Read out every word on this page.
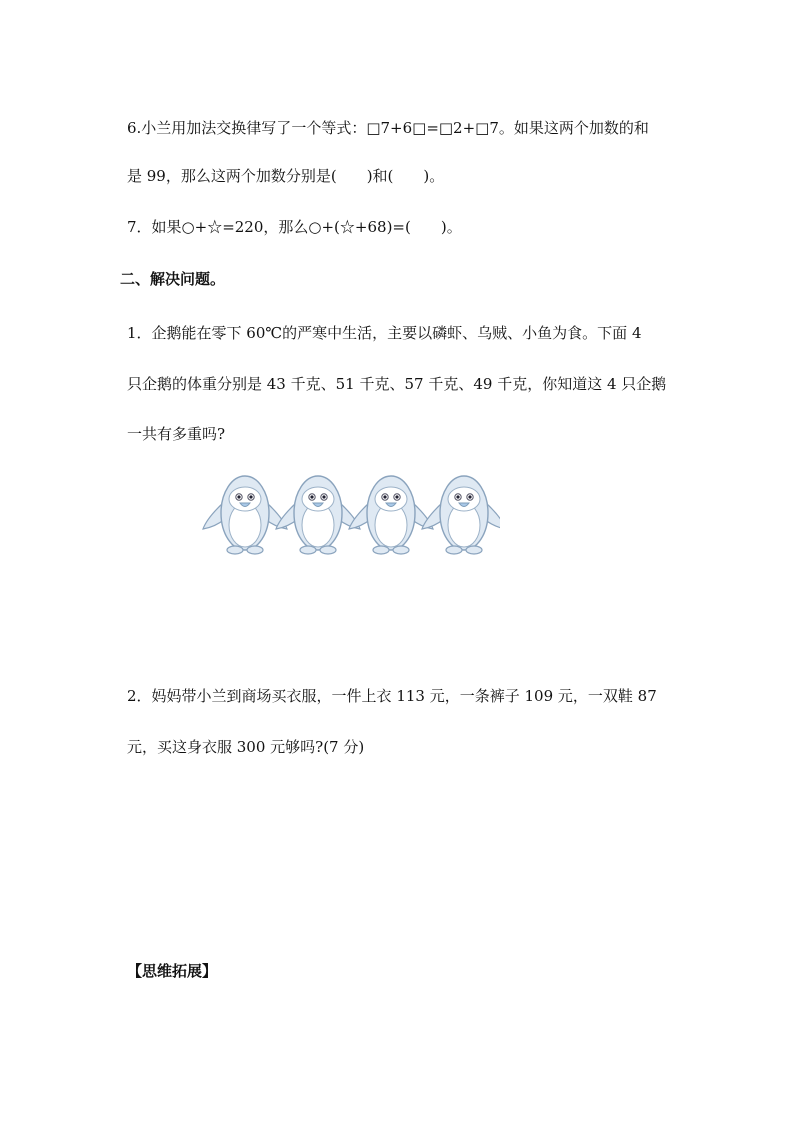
6.小兰用加法交换律写了一个等式：□7+6□=□2+□7。如果这两个加数的和
是 99，那么这两个加数分别是(　　)和(　　)。
7．如果○+☆=220，那么○+(☆+68)=(　　)。
二、解决问题。
1．企鹅能在零下 60℃的严寒中生活，主要以磷虾、乌贼、小鱼为食。下面 4
只企鹅的体重分别是 43 千克、51 千克、57 千克、49 千克，你知道这 4 只企鹅
一共有多重吗?
2．妈妈带小兰到商场买衣服，一件上衣 113 元，一条裤子 109 元，一双鞋 87
元，买这身衣服 300 元够吗?(7 分)
【思维拓展】
